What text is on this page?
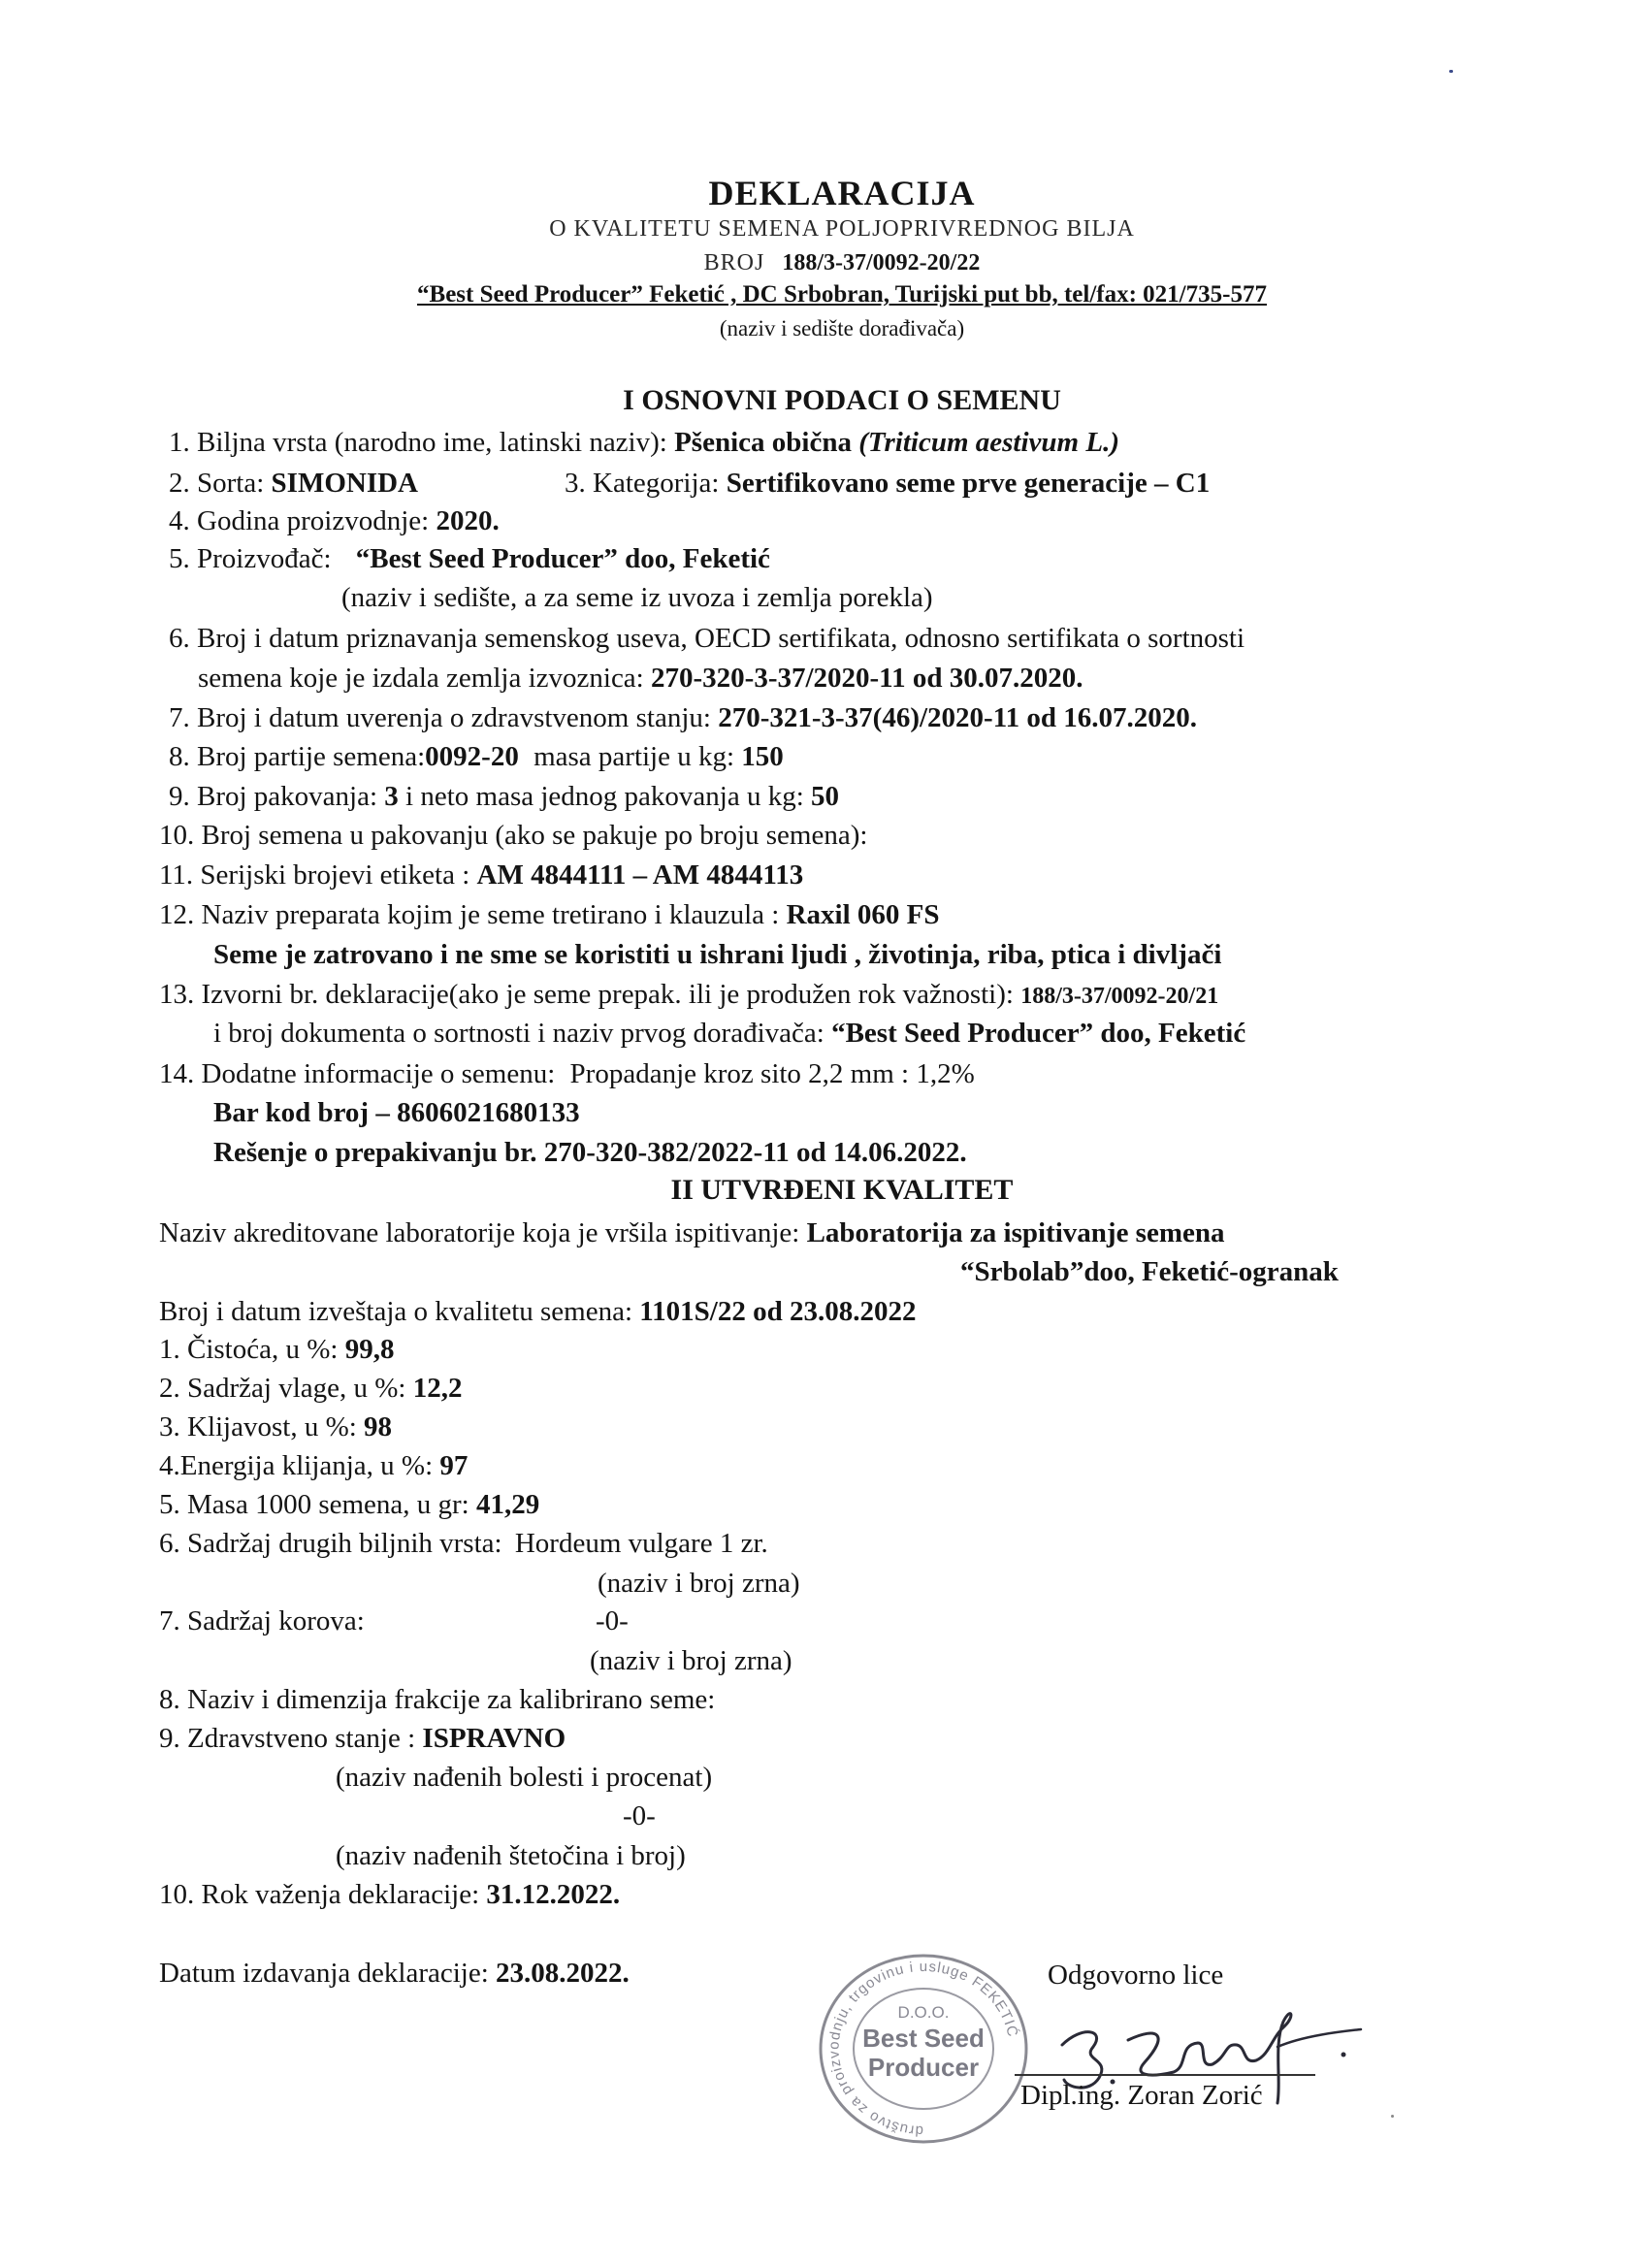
DEKLARACIJA
O KVALITETU SEMENA POLJOPRIVREDNOG BILJA
BROJ 188/3-37/0092-20/22
“Best Seed Producer” Feketić , DC Srbobran, Turijski put bb, tel/fax: 021/735-577
(naziv i sedište dorađivača)
I OSNOVNI PODACI O SEMENU
1. Biljna vrsta (narodno ime, latinski naziv): Pšenica obična (Triticum aestivum L.)
2. Sorta: SIMONIDA	3. Kategorija: Sertifikovano seme prve generacije – C1
4. Godina proizvodnje: 2020.
5. Proizvođač: “Best Seed Producer” doo, Feketić
(naziv i sedište, a za seme iz uvoza i zemlja porekla)
6. Broj i datum priznavanja semenskog useva, OECD sertifikata, odnosno sertifikata o sortnosti
semena koje je izdala zemlja izvoznica: 270-320-3-37/2020-11 od 30.07.2020.
7. Broj i datum uverenja o zdravstvenom stanju: 270-321-3-37(46)/2020-11 od 16.07.2020.
8. Broj partije semena:0092-20 masa partije u kg: 150
9. Broj pakovanja: 3 i neto masa jednog pakovanja u kg: 50
10. Broj semena u pakovanju (ako se pakuje po broju semena):
11. Serijski brojevi etiketa : AM 4844111 – AM 4844113
12. Naziv preparata kojim je seme tretirano i klauzula : Raxil 060 FS
Seme je zatrovano i ne sme se koristiti u ishrani ljudi , životinja, riba, ptica i divljači
13. Izvorni br. deklaracije(ako je seme prepak. ili je produžen rok važnosti): 188/3-37/0092-20/21
i broj dokumenta o sortnosti i naziv prvog dorađivača: “Best Seed Producer” doo, Feketić
14. Dodatne informacije o semenu: Propadanje kroz sito 2,2 mm : 1,2%
Bar kod broj – 8606021680133
Rešenje o prepakivanju br. 270-320-382/2022-11 od 14.06.2022.
II UTVRĐENI KVALITET
Naziv akreditovane laboratorije koja je vršila ispitivanje: Laboratorija za ispitivanje semena
“Srbolab”doo, Feketić-ogranak
Broj i datum izveštaja o kvalitetu semena: 1101S/22 od 23.08.2022
1. Čistoća, u %: 99,8
2. Sadržaj vlage, u %: 12,2
3. Klijavost, u %: 98
4.Energija klijanja, u %: 97
5. Masa 1000 semena, u gr: 41,29
6. Sadržaj drugih biljnih vrsta: Hordeum vulgare 1 zr.
(naziv i broj zrna)
7. Sadržaj korova:	-0-
(naziv i broj zrna)
8. Naziv i dimenzija frakcije za kalibrirano seme:
9. Zdravstveno stanje : ISPRAVNO
(naziv nađenih bolesti i procenat)
-0-
(naziv nađenih štetočina i broj)
10. Rok važenja deklaracije: 31.12.2022.
Datum izdavanja deklaracije: 23.08.2022.	Odgovorno lice
društvo za proizvodnju, trgovinu i usluge FEKETIĆ
D.O.O.
Best Seed
Producer
Dipl.ing. Zoran Zorić
